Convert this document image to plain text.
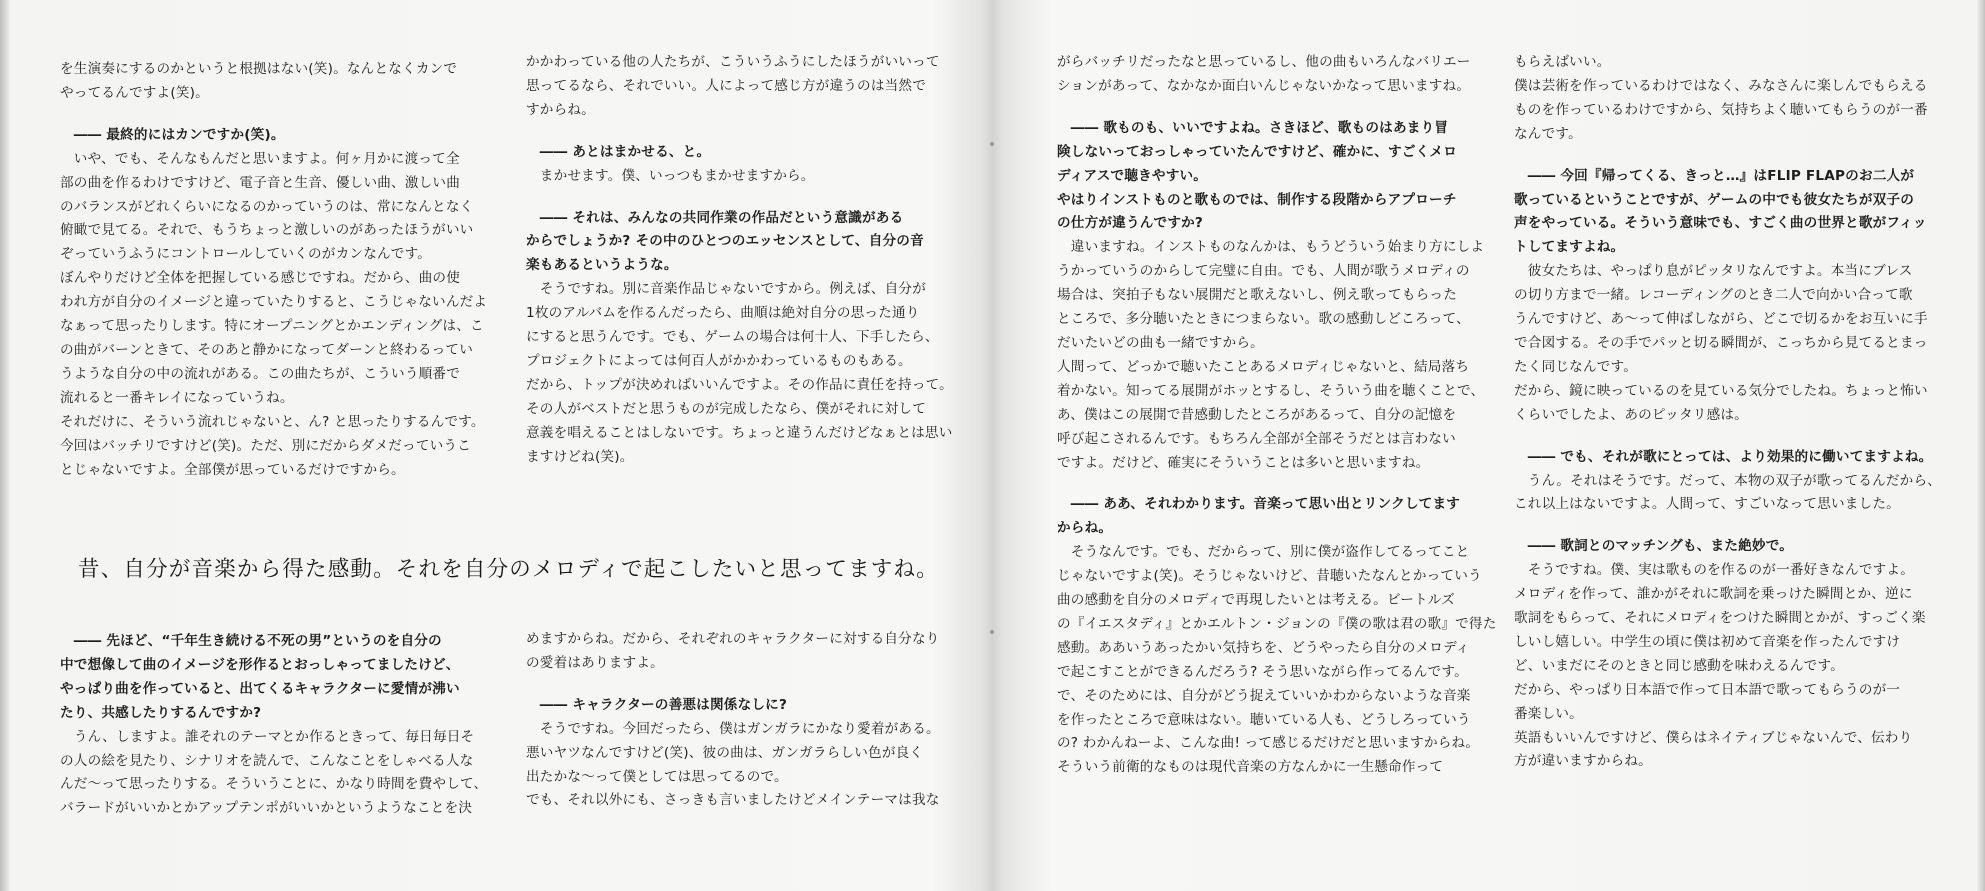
を生演奏にするのかというと根拠はない(笑)。なんとなくカンで

やってるんですよ(笑)。

　―― 最終的にはカンですか(笑)。

　いや、でも、そんなもんだと思いますよ。何ヶ月かに渡って全

部の曲を作るわけですけど、電子音と生音、優しい曲、激しい曲

のバランスがどれくらいになるのかっていうのは、常になんとなく

俯瞰で見てる。それで、もうちょっと激しいのがあったほうがいい

ぞっていうふうにコントロールしていくのがカンなんです。

ぼんやりだけど全体を把握している感じですね。だから、曲の使

われ方が自分のイメージと違っていたりすると、こうじゃないんだよ

なぁって思ったりします。特にオープニングとかエンディングは、こ

の曲がバーンときて、そのあと静かになってダーンと終わるってい

うような自分の中の流れがある。この曲たちが、こういう順番で

流れると一番キレイになっていうね。

それだけに、そういう流れじゃないと、ん? と思ったりするんです。

今回はバッチリですけど(笑)。ただ、別にだからダメだっていうこ

とじゃないですよ。全部僕が思っているだけですから。

かかわっている他の人たちが、こういうふうにしたほうがいいって

思ってるなら、それでいい。人によって感じ方が違うのは当然で

すからね。

　―― あとはまかせる、と。

　まかせます。僕、いっつもまかせますから。

　―― それは、みんなの共同作業の作品だという意識がある

からでしょうか? その中のひとつのエッセンスとして、自分の音

楽もあるというような。

　そうですね。別に音楽作品じゃないですから。例えば、自分が

1枚のアルバムを作るんだったら、曲順は絶対自分の思った通り

にすると思うんです。でも、ゲームの場合は何十人、下手したら、

プロジェクトによっては何百人がかかわっているものもある。

だから、トップが決めればいいんですよ。その作品に責任を持って。

その人がベストだと思うものが完成したなら、僕がそれに対して

意義を唱えることはしないです。ちょっと違うんだけどなぁとは思い

ますけどね(笑)。

昔、自分が音楽から得た感動。それを自分のメロディで起こしたいと思ってますね。

　―― 先ほど、“千年生き続ける不死の男”というのを自分の

中で想像して曲のイメージを形作るとおっしゃってましたけど、

やっぱり曲を作っていると、出てくるキャラクターに愛情が沸い

たり、共感したりするんですか?

　うん、しますよ。誰それのテーマとか作るときって、毎日毎日そ

の人の絵を見たり、シナリオを読んで、こんなことをしゃべる人な

んだ～って思ったりする。そういうことに、かなり時間を費やして、

バラードがいいかとかアップテンポがいいかというようなことを決

めますからね。だから、それぞれのキャラクターに対する自分なり

の愛着はありますよ。

　―― キャラクターの善悪は関係なしに?

　そうですね。今回だったら、僕はガンガラにかなり愛着がある。

悪いヤツなんですけど(笑)、彼の曲は、ガンガラらしい色が良く

出たかな～って僕としては思ってるので。

でも、それ以外にも、さっきも言いましたけどメインテーマは我な

がらバッチリだったなと思っているし、他の曲もいろんなバリエー

ションがあって、なかなか面白いんじゃないかなって思いますね。

　―― 歌ものも、いいですよね。さきほど、歌ものはあまり冒

険しないっておっしゃっていたんですけど、確かに、すごくメロ

ディアスで聴きやすい。

やはりインストものと歌ものでは、制作する段階からアプローチ

の仕方が違うんですか?

　違いますね。インストものなんかは、もうどういう始まり方にしよ

うかっていうのからして完璧に自由。でも、人間が歌うメロディの

場合は、突拍子もない展開だと歌えないし、例え歌ってもらった

ところで、多分聴いたときにつまらない。歌の感動しどころって、

だいたいどの曲も一緒ですから。

人間って、どっかで聴いたことあるメロディじゃないと、結局落ち

着かない。知ってる展開がホッとするし、そういう曲を聴くことで、

あ、僕はこの展開で昔感動したところがあるって、自分の記憶を

呼び起こされるんです。もちろん全部が全部そうだとは言わない

ですよ。だけど、確実にそういうことは多いと思いますね。

　―― ああ、それわかります。音楽って思い出とリンクしてます

からね。

　そうなんです。でも、だからって、別に僕が盗作してるってこと

じゃないですよ(笑)。そうじゃないけど、昔聴いたなんとかっていう

曲の感動を自分のメロディで再現したいとは考える。ビートルズ

の『イエスタディ』とかエルトン・ジョンの『僕の歌は君の歌』で得た

感動。ああいうあったかい気持ちを、どうやったら自分のメロディ

で起こすことができるんだろう? そう思いながら作ってるんです。

で、そのためには、自分がどう捉えていいかわからないような音楽

を作ったところで意味はない。聴いている人も、どうしろっていう

の? わかんねーよ、こんな曲! って感じるだけだと思いますからね。

そういう前衛的なものは現代音楽の方なんかに一生懸命作って

もらえばいい。

僕は芸術を作っているわけではなく、みなさんに楽しんでもらえる

ものを作っているわけですから、気持ちよく聴いてもらうのが一番

なんです。

　―― 今回『帰ってくる、きっと…』はFLIP FLAPのお二人が

歌っているということですが、ゲームの中でも彼女たちが双子の

声をやっている。そういう意味でも、すごく曲の世界と歌がフィッ

トしてますよね。

　彼女たちは、やっぱり息がピッタリなんですよ。本当にブレス

の切り方まで一緒。レコーディングのとき二人で向かい合って歌

うんですけど、あ～って伸ばしながら、どこで切るかをお互いに手

で合図する。その手でパッと切る瞬間が、こっちから見てるとまっ

たく同じなんです。

だから、鏡に映っているのを見ている気分でしたね。ちょっと怖い

くらいでしたよ、あのピッタリ感は。

　―― でも、それが歌にとっては、より効果的に働いてますよね。

　うん。それはそうです。だって、本物の双子が歌ってるんだから、

これ以上はないですよ。人間って、すごいなって思いました。

　―― 歌詞とのマッチングも、また絶妙で。

　そうですね。僕、実は歌ものを作るのが一番好きなんですよ。

メロディを作って、誰かがそれに歌詞を乗っけた瞬間とか、逆に

歌詞をもらって、それにメロディをつけた瞬間とかが、すっごく楽

しいし嬉しい。中学生の頃に僕は初めて音楽を作ったんですけ

ど、いまだにそのときと同じ感動を味わえるんです。

だから、やっぱり日本語で作って日本語で歌ってもらうのが一

番楽しい。

英語もいいんですけど、僕らはネイティブじゃないんで、伝わり

方が違いますからね。
